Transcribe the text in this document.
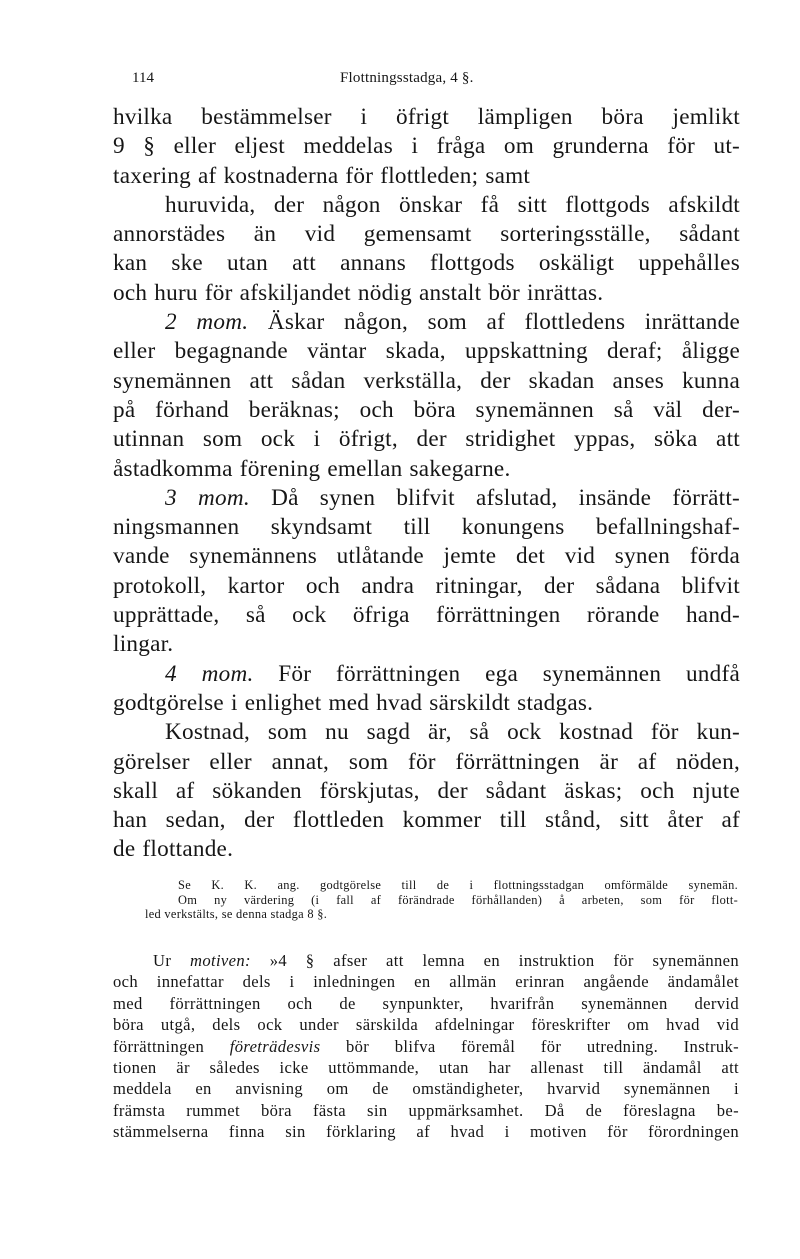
114	Flottningsstadga, 4 §.

hvilka bestämmelser i öfrigt lämpligen böra jemlikt
9 § eller eljest meddelas i fråga om grunderna för ut-
taxering af kostnaderna för flottleden; samt

huruvida, der någon önskar få sitt flottgods afskildt
annorstädes än vid gemensamt sorteringsställe, sådant
kan ske utan att annans flottgods oskäligt uppehålles
och huru för afskiljandet nödig anstalt bör inrättas.

2 mom. Äskar någon, som af flottledens inrättande
eller begagnande väntar skada, uppskattning deraf; åligge
synemännen att sådan verkställa, der skadan anses kunna
på förhand beräknas; och böra synemännen så väl der-
utinnan som ock i öfrigt, der stridighet yppas, söka att
åstadkomma förening emellan sakegarne.

3 mom. Då synen blifvit afslutad, insände förrätt-
ningsmannen skyndsamt till konungens befallningshaf-
vande synemännens utlåtande jemte det vid synen förda
protokoll, kartor och andra ritningar, der sådana blifvit
upprättade, så ock öfriga förrättningen rörande hand-
lingar.

4 mom. För förrättningen ega synemännen undfå
godtgörelse i enlighet med hvad särskildt stadgas.

Kostnad, som nu sagd är, så ock kostnad för kun-
görelser eller annat, som för förrättningen är af nöden,
skall af sökanden förskjutas, der sådant äskas; och njute
han sedan, der flottleden kommer till stånd, sitt åter af
de flottande.

Se K. K. ang. godtgörelse till de i flottningsstadgan omförmälde synemän.
Om ny värdering (i fall af förändrade förhållanden) å arbeten, som för flott-
led verkstälts, se denna stadga 8 §.
Ur motiven: »4 § afser att lemna en instruktion för synemännen
och innefattar dels i inledningen en allmän erinran angående ändamålet
med förrättningen och de synpunkter, hvarifrån synemännen dervid
böra utgå, dels ock under särskilda afdelningar föreskrifter om hvad vid
förrättningen företrädesvis bör blifva föremål för utredning. Instruk-
tionen är således icke uttömmande, utan har allenast till ändamål att
meddela en anvisning om de omständigheter, hvarvid synemännen i
främsta rummet böra fästa sin uppmärksamhet. Då de föreslagna be-
stämmelserna finna sin förklaring af hvad i motiven för förordningen
